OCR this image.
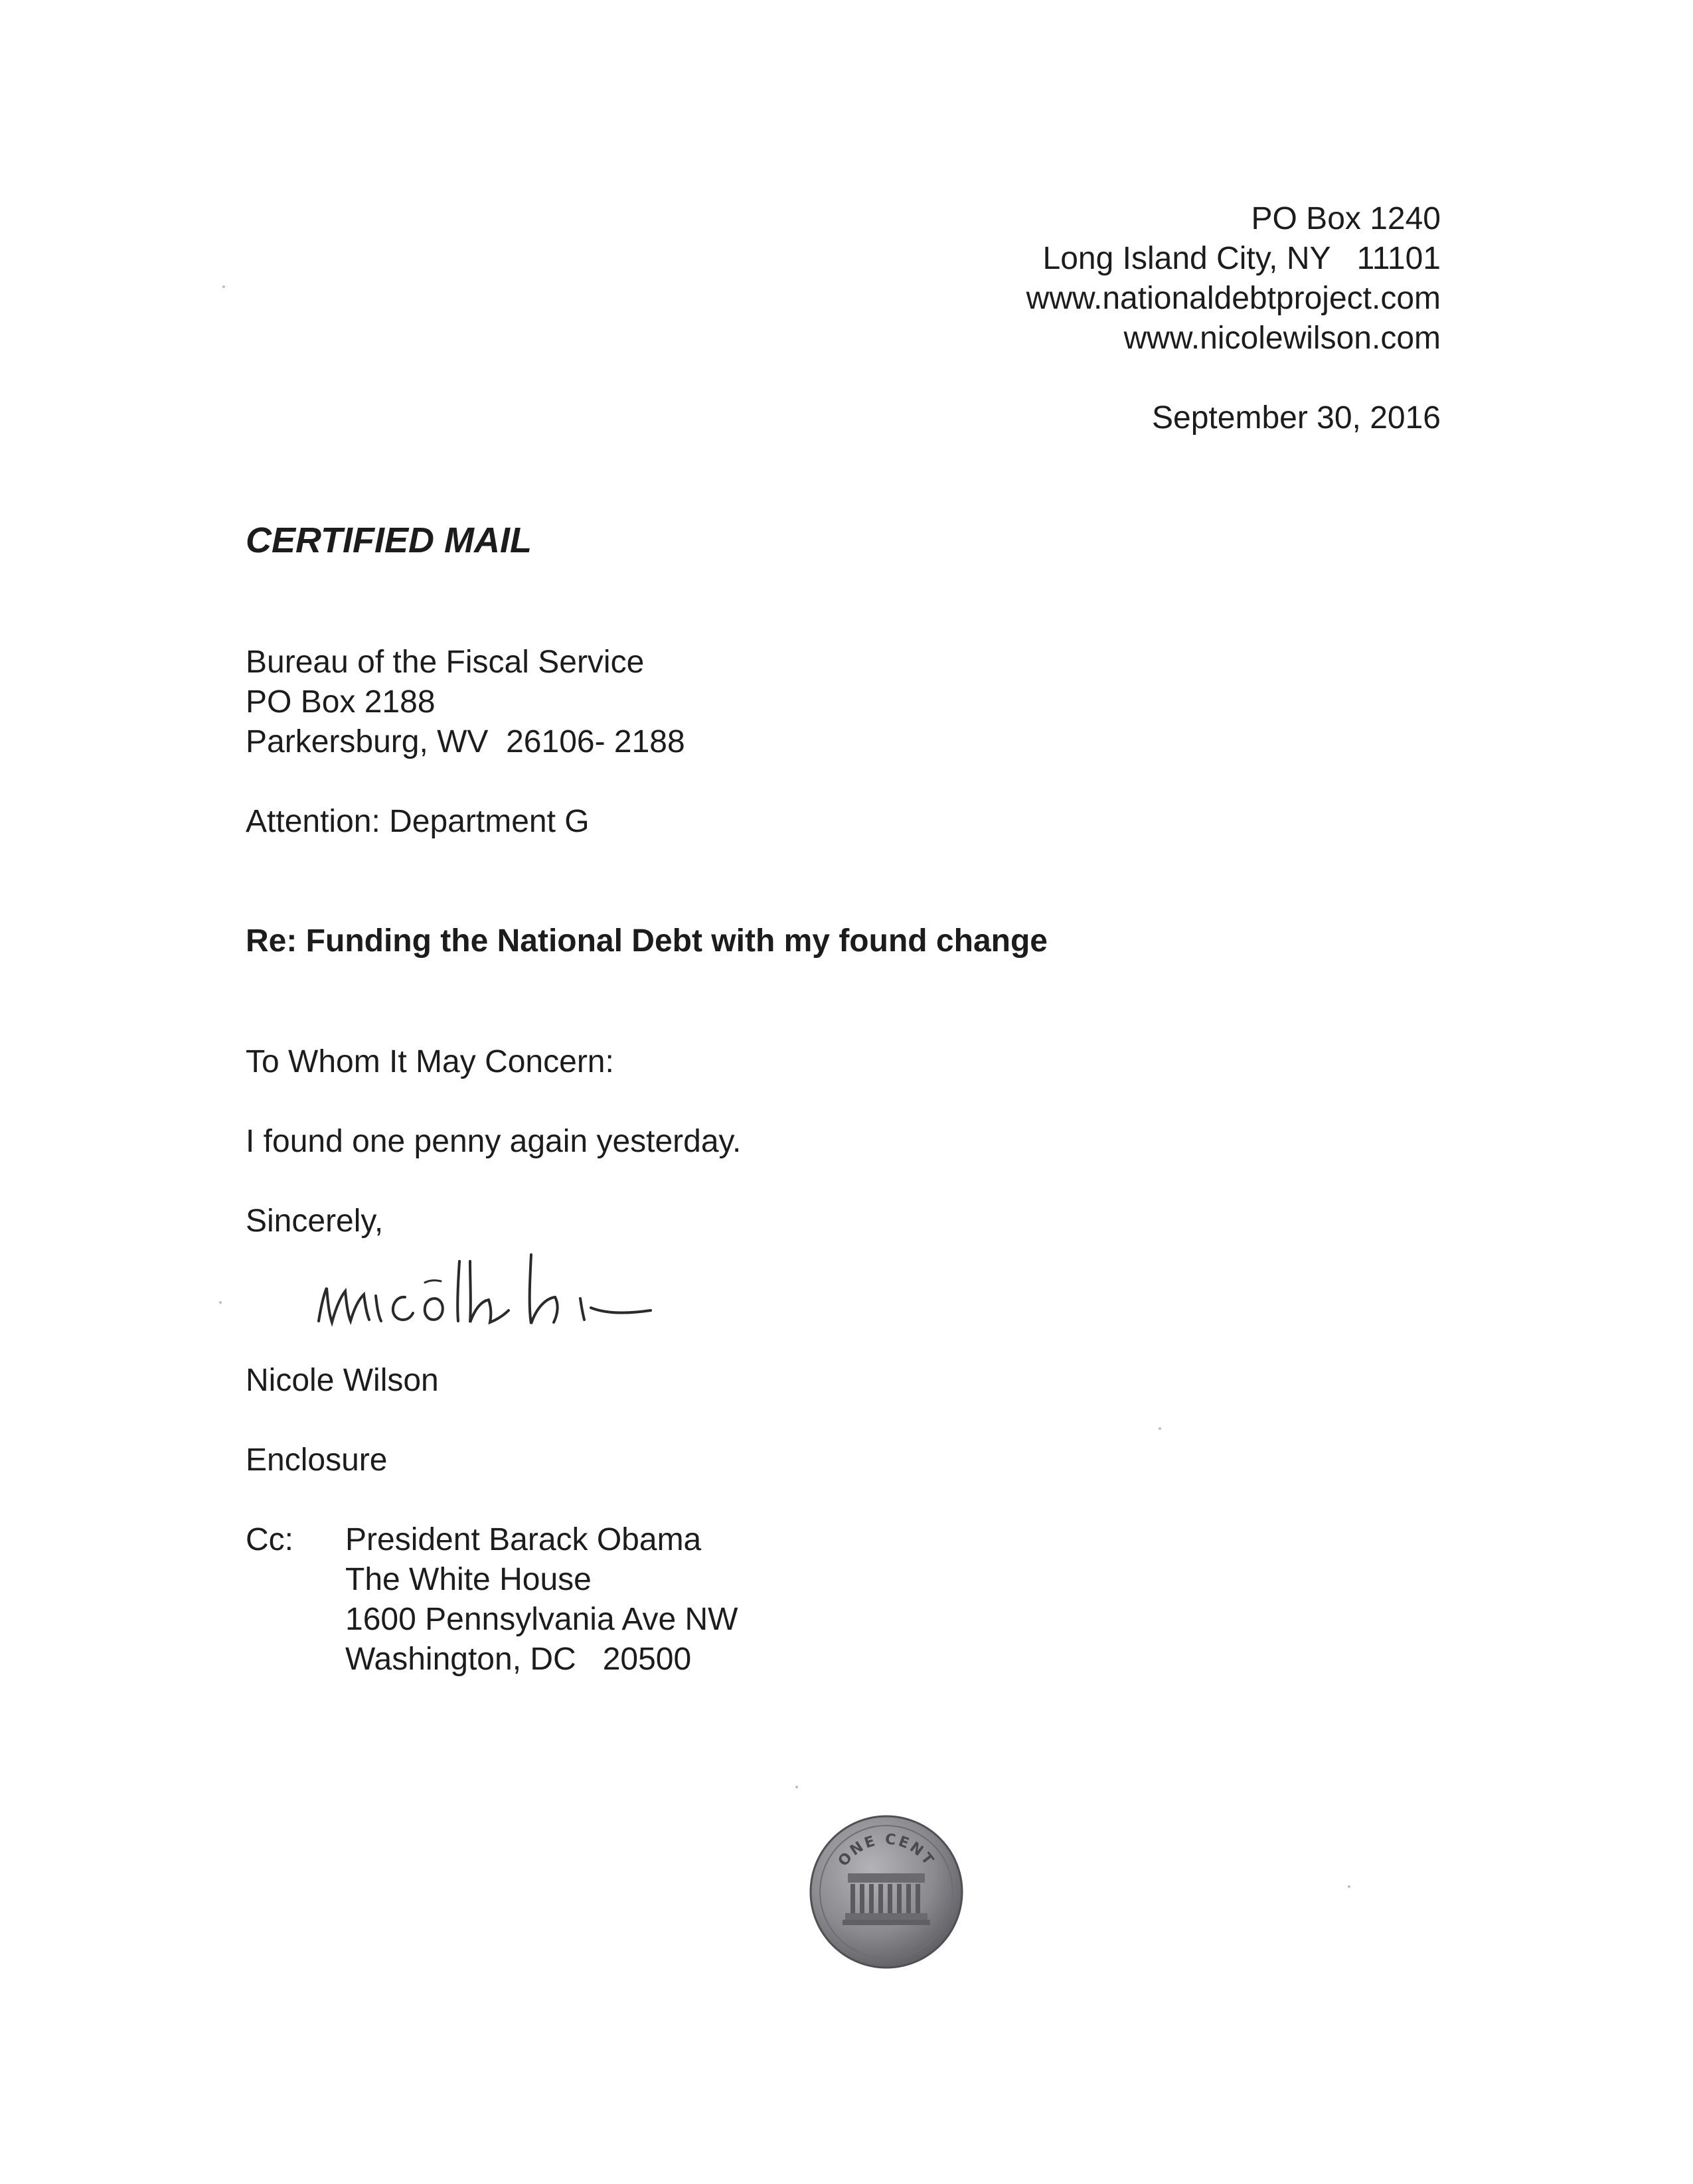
PO Box 1240
Long Island City, NY   11101
www.nationaldebtproject.com
www.nicolewilson.com
September 30, 2016
CERTIFIED MAIL
Bureau of the Fiscal Service
PO Box 2188
Parkersburg, WV  26106- 2188
Attention: Department G
Re: Funding the National Debt with my found change
To Whom It May Concern:
I found one penny again yesterday.
Sincerely,
Nicole Wilson
Enclosure
Cc: President Barack Obama
The White House
1600 Pennsylvania Ave NW
Washington, DC   20500
ONE CENT
